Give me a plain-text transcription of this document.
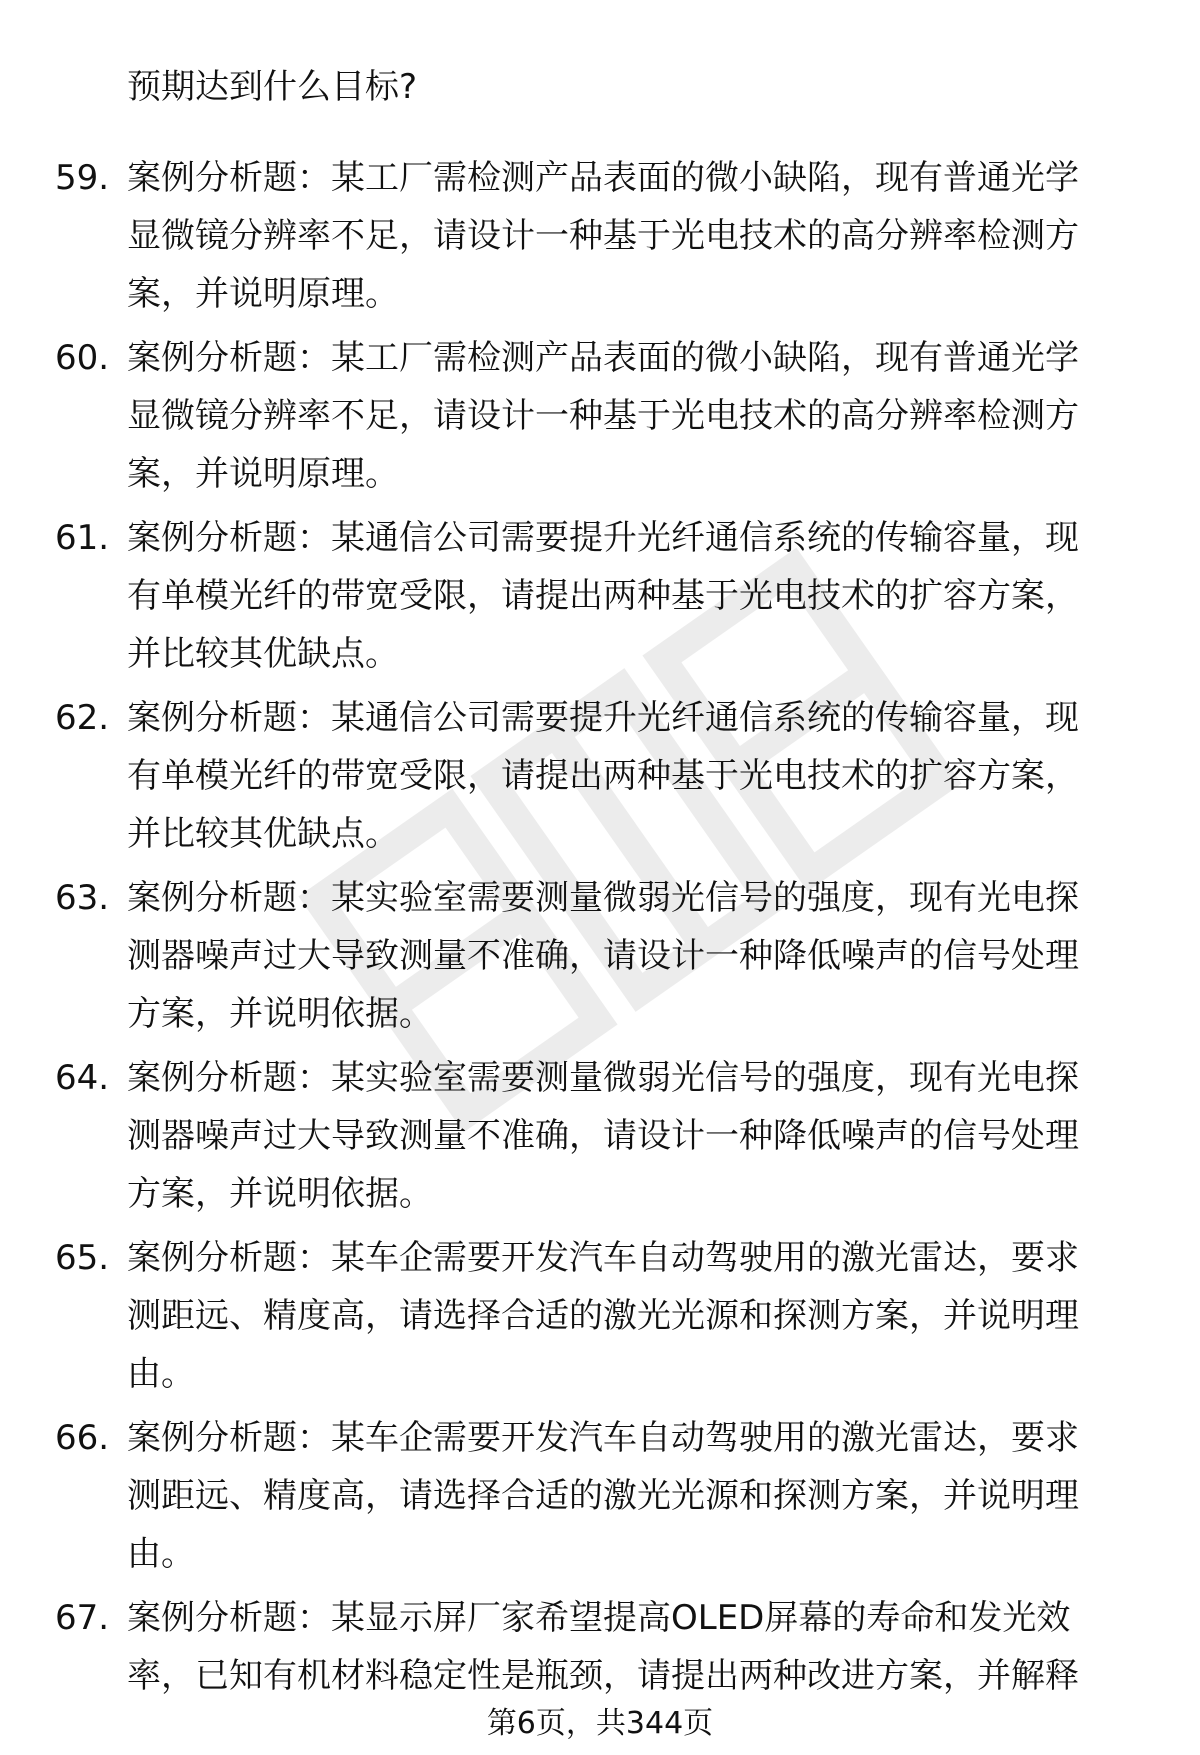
预期达到什么目标?
59. 案例分析题：某工厂需检测产品表面的微小缺陷，现有普通光学
显微镜分辨率不足，请设计一种基于光电技术的高分辨率检测方
案，并说明原理。
60. 案例分析题：某工厂需检测产品表面的微小缺陷，现有普通光学
显微镜分辨率不足，请设计一种基于光电技术的高分辨率检测方
案，并说明原理。
61. 案例分析题：某通信公司需要提升光纤通信系统的传输容量，现
有单模光纤的带宽受限，请提出两种基于光电技术的扩容方案，
并比较其优缺点。
62. 案例分析题：某通信公司需要提升光纤通信系统的传输容量，现
有单模光纤的带宽受限，请提出两种基于光电技术的扩容方案，
并比较其优缺点。
63. 案例分析题：某实验室需要测量微弱光信号的强度，现有光电探
测器噪声过大导致测量不准确，请设计一种降低噪声的信号处理
方案，并说明依据。
64. 案例分析题：某实验室需要测量微弱光信号的强度，现有光电探
测器噪声过大导致测量不准确，请设计一种降低噪声的信号处理
方案，并说明依据。
65. 案例分析题：某车企需要开发汽车自动驾驶用的激光雷达，要求
测距远、精度高，请选择合适的激光光源和探测方案，并说明理
由。
66. 案例分析题：某车企需要开发汽车自动驾驶用的激光雷达，要求
测距远、精度高，请选择合适的激光光源和探测方案，并说明理
由。
67. 案例分析题：某显示屏厂家希望提高OLED屏幕的寿命和发光效
率，已知有机材料稳定性是瓶颈，请提出两种改进方案，并解释
第6页，共344页
